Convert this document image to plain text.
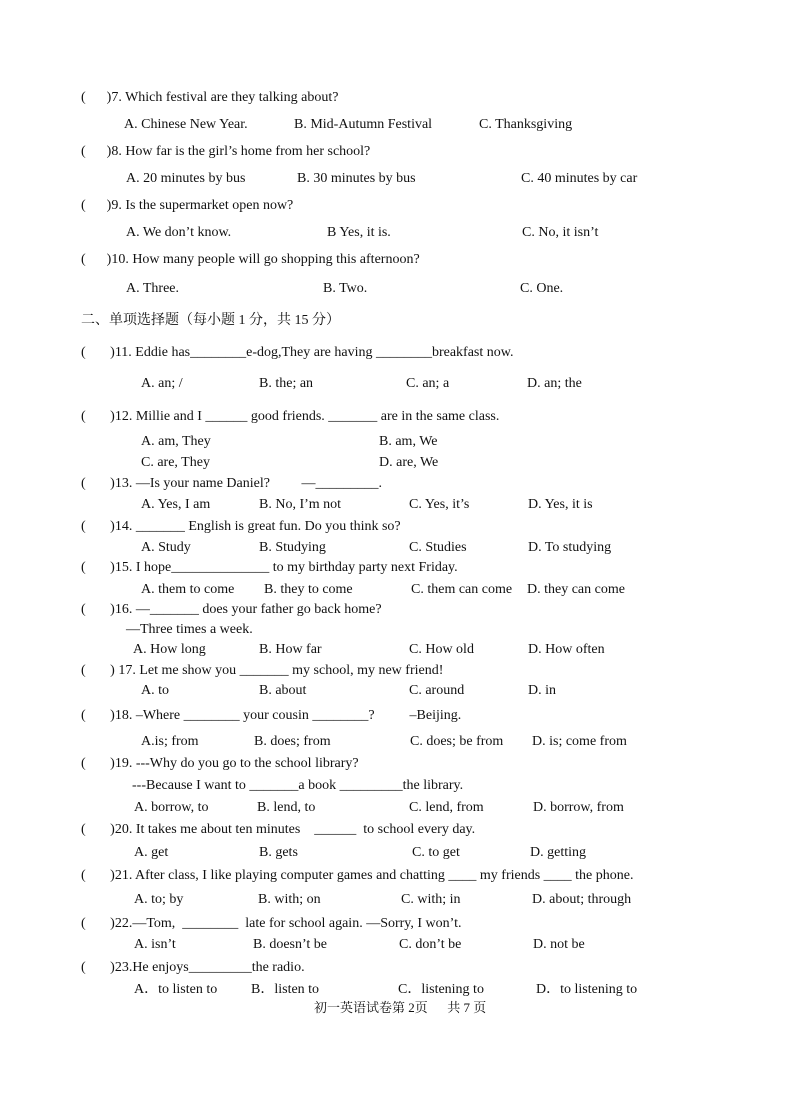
(      )7. Which festival are they talking about?
A. Chinese New Year.	B. Mid-Autumn Festival	C. Thanksgiving
(      )8. How far is the girl’s home from her school?
A. 20 minutes by bus	B. 30 minutes by bus	C. 40 minutes by car
(      )9. Is the supermarket open now?
A. We don’t know.	B Yes, it is.	C. No, it isn’t
(      )10. How many people will go shopping this afternoon?
A. Three.	B. Two.	C. One.
二、单项选择题（每小题 1 分，共 15 分）
(       )11. Eddie has________e-dog,They are having ________breakfast now.
A. an; /	B. the; an	C. an; a	D. an; the
(       )12. Millie and I ______ good friends. _______ are in the same class.
A. am, They	B. am, We
C. are, They	D. are, We
(       )13. —Is your name Daniel?         —_________.
A. Yes, I am	B. No, I’m not	C. Yes, it’s	D. Yes, it is
(       )14. _______ English is great fun. Do you think so?
A. Study	B. Studying	C. Studies	D. To studying
(       )15. I hope______________ to my birthday party next Friday.
A. them to come B. they to come	C. them can come D. they can come
(       )16. —_______ does your father go back home?
—Three times a week.
A. How long	B. How far	C. How old	D. How often
(       ) 17. Let me show you _______ my school, my new friend!
A. to	B. about	C. around	D. in
(       )18. –Where ________ your cousin ________?          –Beijing.
A.is; from	B. does; from	C. does; be from D. is; come from
(       )19. ---Why do you go to the school library?
---Because I want to _______a book _________the library.
A. borrow, to	B. lend, to	C. lend, from	D. borrow, from
(       )20. It takes me about ten minutes    ______  to school every day.
A. get	B. gets	C. to get	D. getting
(       )21. After class, I like playing computer games and chatting ____ my friends ____ the phone.
A. to; by	B. with; on	C. with; in	D. about; through
(       )22.—Tom,  ________  late for school again. —Sorry, I won’t.
A. isn’t	B. doesn’t be	C. don’t be	D. not be
(       )23.He enjoys_________the radio.
A．to listen to B．listen to	C．listening to	D．to listening to
初一英语试卷第 2页      共 7 页
